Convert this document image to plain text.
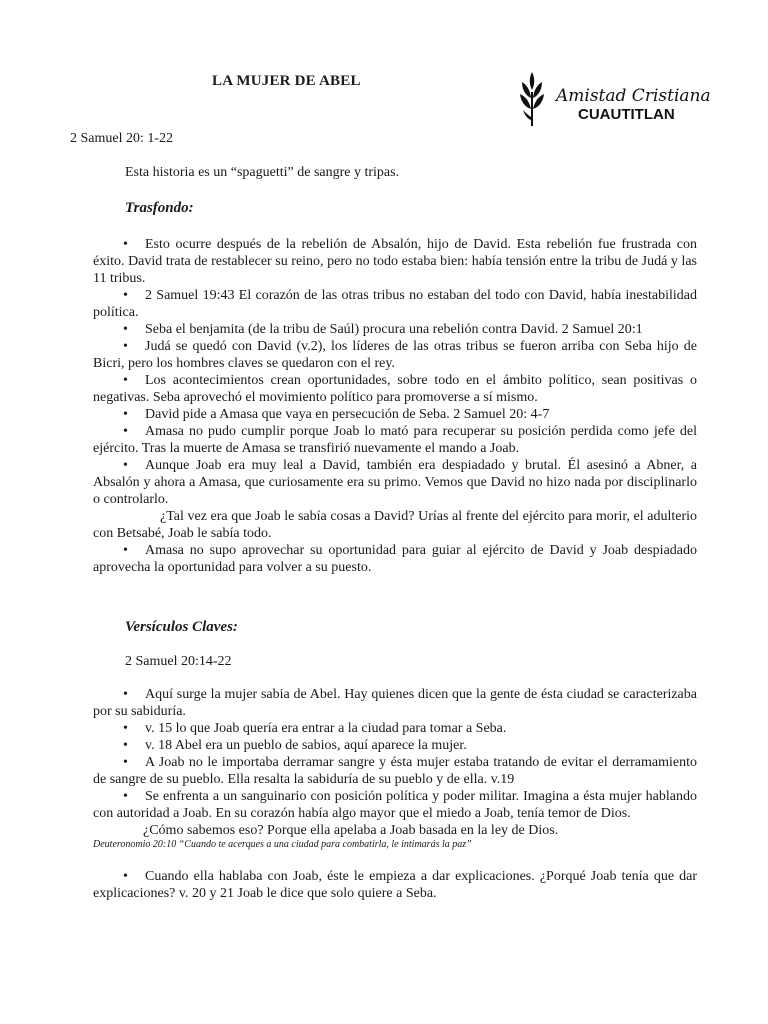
LA MUJER DE ABEL
Amistad Cristiana
CUAUTITLAN
2 Samuel 20: 1-22
Esta historia es un “spaguetti” de sangre y tripas.
Trasfondo:
• Esto ocurre después de la rebelión de Absalón, hijo de David. Esta rebelión fue frustrada con éxito. David trata de restablecer su reino, pero no todo estaba bien: había tensión entre la tribu de Judá y las 11 tribus.
• 2 Samuel 19:43 El corazón de las otras tribus no estaban del todo con David, había inestabilidad política.
• Seba el benjamita (de la tribu de Saúl) procura una rebelión contra David. 2 Samuel 20:1
• Judá se quedó con David (v.2), los líderes de las otras tribus se fueron arriba con Seba hijo de Bicri, pero los hombres claves se quedaron con el rey.
• Los acontecimientos crean oportunidades, sobre todo en el ámbito político, sean positivas o negativas. Seba aprovechó el movimiento político para promoverse a sí mismo.
• David pide a Amasa que vaya en persecución de Seba. 2 Samuel 20: 4-7
• Amasa no pudo cumplir porque Joab lo mató para recuperar su posición perdida como jefe del ejército. Tras la muerte de Amasa se transfirió nuevamente el mando a Joab.
• Aunque Joab era muy leal a David, también era despiadado y brutal. Él asesinó a Abner, a Absalón y ahora a Amasa, que curiosamente era su primo. Vemos que David no hizo nada por disciplinarlo o controlarlo.
¿Tal vez era que Joab le sabía cosas a David? Urías al frente del ejército para morir, el adulterio con Betsabé, Joab le sabía todo.
• Amasa no supo aprovechar su oportunidad para guiar al ejército de David y Joab despiadado aprovecha la oportunidad para volver a su puesto.
Versículos Claves:
2 Samuel 20:14-22
• Aquí surge la mujer sabia de Abel. Hay quienes dicen que la gente de ésta ciudad se caracterizaba por su sabiduría.
• v. 15 lo que Joab quería era entrar a la ciudad para tomar a Seba.
• v. 18 Abel era un pueblo de sabios, aquí aparece la mujer.
• A Joab no le importaba derramar sangre y ésta mujer estaba tratando de evitar el derramamiento de sangre de su pueblo. Ella resalta la sabiduría de su pueblo y de ella. v.19
• Se enfrenta a un sanguinario con posición política y poder militar. Imagina a ésta mujer hablando con autoridad a Joab. En su corazón había algo mayor que el miedo a Joab, tenía temor de Dios.
¿Cómo sabemos eso? Porque ella apelaba a Joab basada en la ley de Dios.
Deuteronomio 20:10 “Cuando te acerques a una ciudad para combatirla, le intimarás la paz”
• Cuando ella hablaba con Joab, éste le empieza a dar explicaciones. ¿Porqué Joab tenía que dar explicaciones? v. 20 y 21 Joab le dice que solo quiere a Seba.
